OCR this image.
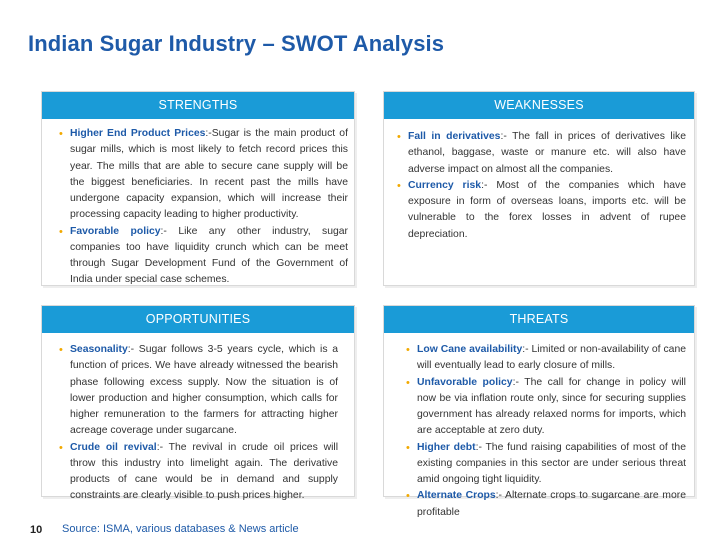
Indian Sugar Industry – SWOT Analysis
STRENGTHS
• Higher End Product Prices:-Sugar is the main product of sugar mills, which is most likely to fetch record prices this year. The mills that are able to secure cane supply will be the biggest beneficiaries. In recent past the mills have undergone capacity expansion, which will increase their processing capacity leading to higher productivity.
• Favorable policy:- Like any other industry, sugar companies too have liquidity crunch which can be meet through Sugar Development Fund of the Government of India under special case schemes.
WEAKNESSES
• Fall in derivatives:- The fall in prices of derivatives like ethanol, baggase, waste or manure etc. will also have adverse impact on almost all the companies.
• Currency risk:- Most of the companies which have exposure in form of overseas loans, imports etc. will be vulnerable to the forex losses in advent of rupee depreciation.
OPPORTUNITIES
• Seasonality:- Sugar follows 3-5 years cycle, which is a function of prices. We have already witnessed the bearish phase following excess supply. Now the situation is of lower production and higher consumption, which calls for higher remuneration to the farmers for attracting higher acreage coverage under sugarcane.
• Crude oil revival:- The revival in crude oil prices will throw this industry into limelight again. The derivative products of cane would be in demand and supply constraints are clearly visible to push prices higher.
THREATS
• Low Cane availability:- Limited or non-availability of cane will eventually lead to early closure of mills.
• Unfavorable policy:- The call for change in policy will now be via inflation route only, since for securing supplies government has already relaxed norms for imports, which are acceptable at zero duty.
• Higher debt:- The fund raising capabilities of most of the existing companies in this sector are under serious threat amid ongoing tight liquidity.
• Alternate Crops:- Alternate crops to sugarcane are more profitable
10 Source: ISMA, various databases & News article
